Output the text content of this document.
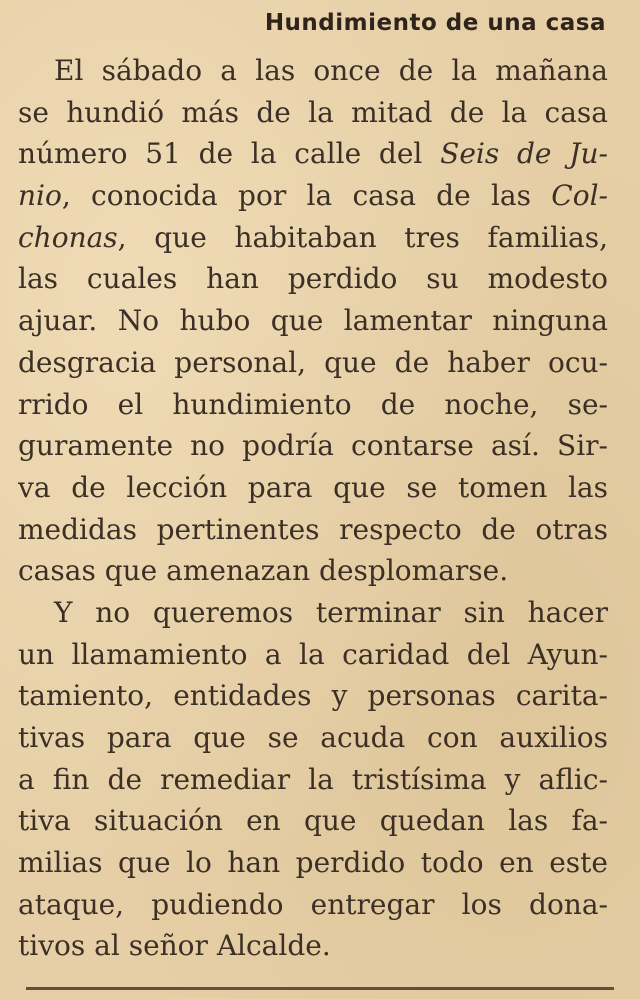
Hundimiento de una casa
El sábado a las once de la mañana
se hundió más de la mitad de la casa
número 51 de la calle del Seis de Ju-
nio, conocida por la casa de las Col-
chonas, que habitaban tres familias,
las cuales han perdido su modesto
ajuar. No hubo que lamentar ninguna
desgracia personal, que de haber ocu-
rrido el hundimiento de noche, se-
guramente no podría contarse así. Sir-
va de lección para que se tomen las
medidas pertinentes respecto de otras
casas que amenazan desplomarse.
Y no queremos terminar sin hacer
un llamamiento a la caridad del Ayun-
tamiento, entidades y personas carita-
tivas para que se acuda con auxilios
a fin de remediar la tristísima y aflic-
tiva situación en que quedan las fa-
milias que lo han perdido todo en este
ataque, pudiendo entregar los dona-
tivos al señor Alcalde.
